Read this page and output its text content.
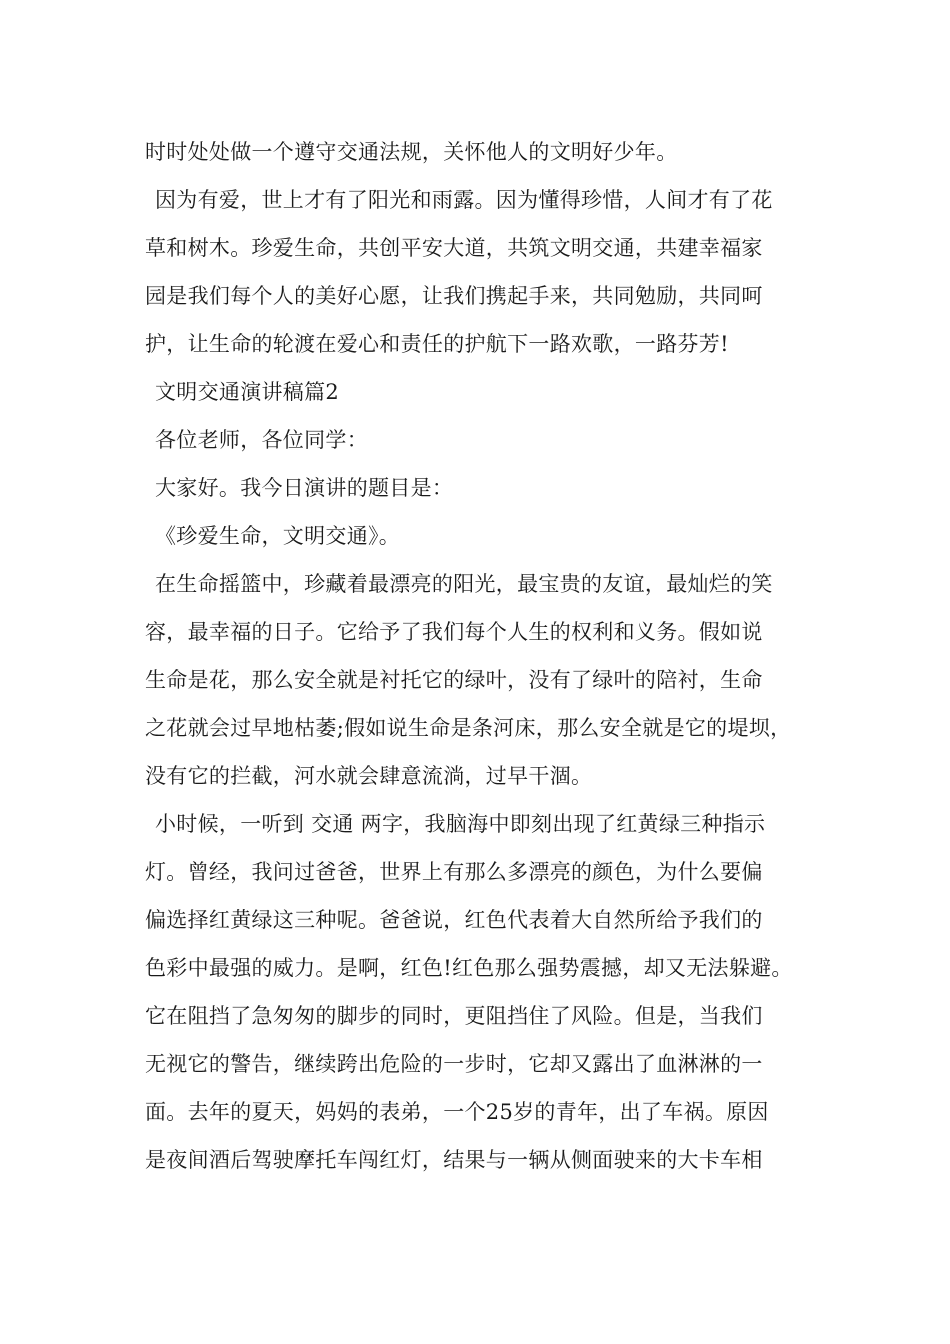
时时处处做一个遵守交通法规，关怀他人的文明好少年。
因为有爱，世上才有了阳光和雨露。因为懂得珍惜，人间才有了花
草和树木。珍爱生命，共创平安大道，共筑文明交通，共建幸福家
园是我们每个人的美好心愿，让我们携起手来，共同勉励，共同呵
护，让生命的轮渡在爱心和责任的护航下一路欢歌，一路芬芳!
文明交通演讲稿篇2
各位老师，各位同学：
大家好。我今日演讲的题目是：
《珍爱生命，文明交通》。
在生命摇篮中，珍藏着最漂亮的阳光，最宝贵的友谊，最灿烂的笑
容，最幸福的日子。它给予了我们每个人生的权利和义务。假如说
生命是花，那么安全就是衬托它的绿叶，没有了绿叶的陪衬，生命
之花就会过早地枯萎;假如说生命是条河床，那么安全就是它的堤坝，
没有它的拦截，河水就会肆意流淌，过早干涸。
小时候，一听到 交通 两字，我脑海中即刻出现了红黄绿三种指示
灯。曾经，我问过爸爸，世界上有那么多漂亮的颜色，为什么要偏
偏选择红黄绿这三种呢。爸爸说，红色代表着大自然所给予我们的
色彩中最强的威力。是啊，红色!红色那么强势震撼，却又无法躲避。
它在阻挡了急匆匆的脚步的同时，更阻挡住了风险。但是，当我们
无视它的警告，继续跨出危险的一步时，它却又露出了血淋淋的一
面。去年的夏天，妈妈的表弟，一个25岁的青年，出了车祸。原因
是夜间酒后驾驶摩托车闯红灯，结果与一辆从侧面驶来的大卡车相
